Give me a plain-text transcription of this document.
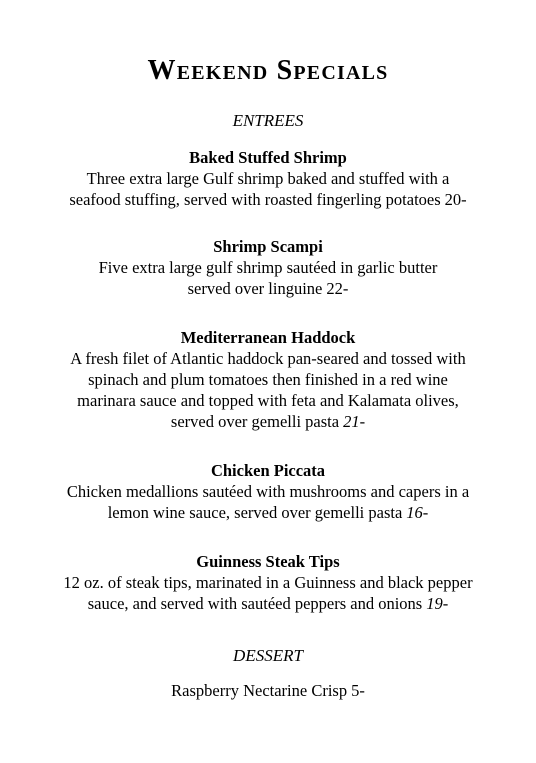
Weekend Specials
ENTREES
Baked Stuffed Shrimp
Three extra large Gulf shrimp baked and stuffed with a
seafood stuffing, served with roasted fingerling potatoes 20-
Shrimp Scampi
Five extra large gulf shrimp sautéed in garlic butter
served over linguine 22-
Mediterranean Haddock
A fresh filet of Atlantic haddock pan-seared and tossed with
spinach and plum tomatoes then finished in a red wine
marinara sauce and topped with feta and Kalamata olives,
served over gemelli pasta 21-
Chicken Piccata
Chicken medallions sautéed with mushrooms and capers in a
lemon wine sauce, served over gemelli pasta 16-
Guinness Steak Tips
12 oz. of steak tips, marinated in a Guinness and black pepper
sauce, and served with sautéed peppers and onions 19-
DESSERT
Raspberry Nectarine Crisp 5-
